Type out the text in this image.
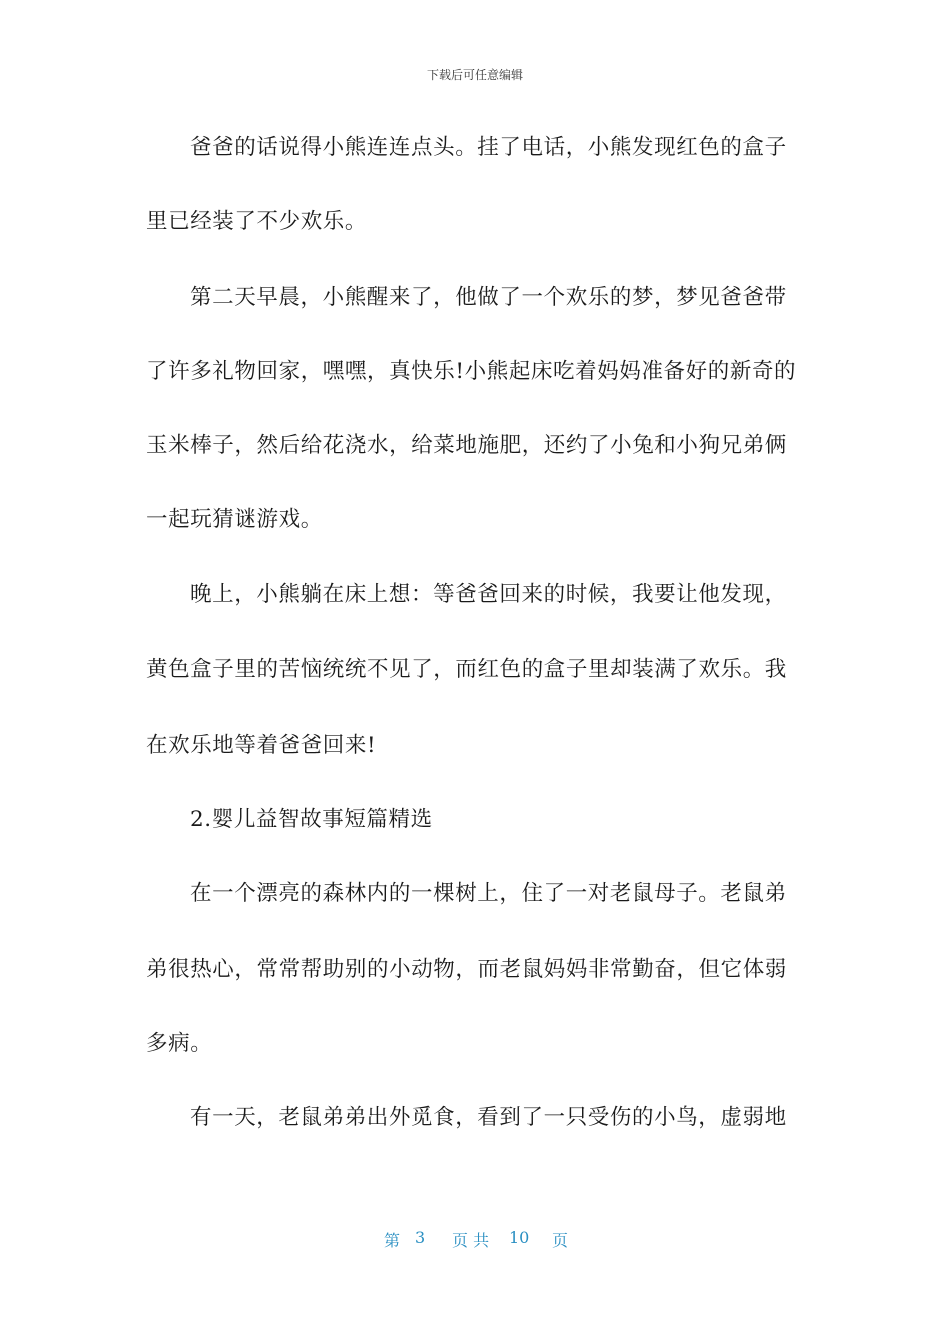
下载后可任意编辑
爸爸的话说得小熊连连点头。挂了电话，小熊发现红色的盒子
里已经装了不少欢乐。
第二天早晨，小熊醒来了，他做了一个欢乐的梦，梦见爸爸带
了许多礼物回家，嘿嘿，真快乐!小熊起床吃着妈妈准备好的新奇的
玉米棒子，然后给花浇水，给菜地施肥，还约了小兔和小狗兄弟俩
一起玩猜谜游戏。
晚上，小熊躺在床上想：等爸爸回来的时候，我要让他发现，
黄色盒子里的苦恼统统不见了，而红色的盒子里却装满了欢乐。我
在欢乐地等着爸爸回来!
2.婴儿益智故事短篇精选
在一个漂亮的森林内的一棵树上，住了一对老鼠母子。老鼠弟
弟很热心，常常帮助别的小动物，而老鼠妈妈非常勤奋，但它体弱
多病。
有一天，老鼠弟弟出外觅食，看到了一只受伤的小鸟，虚弱地
第 3 页 共 10 页
